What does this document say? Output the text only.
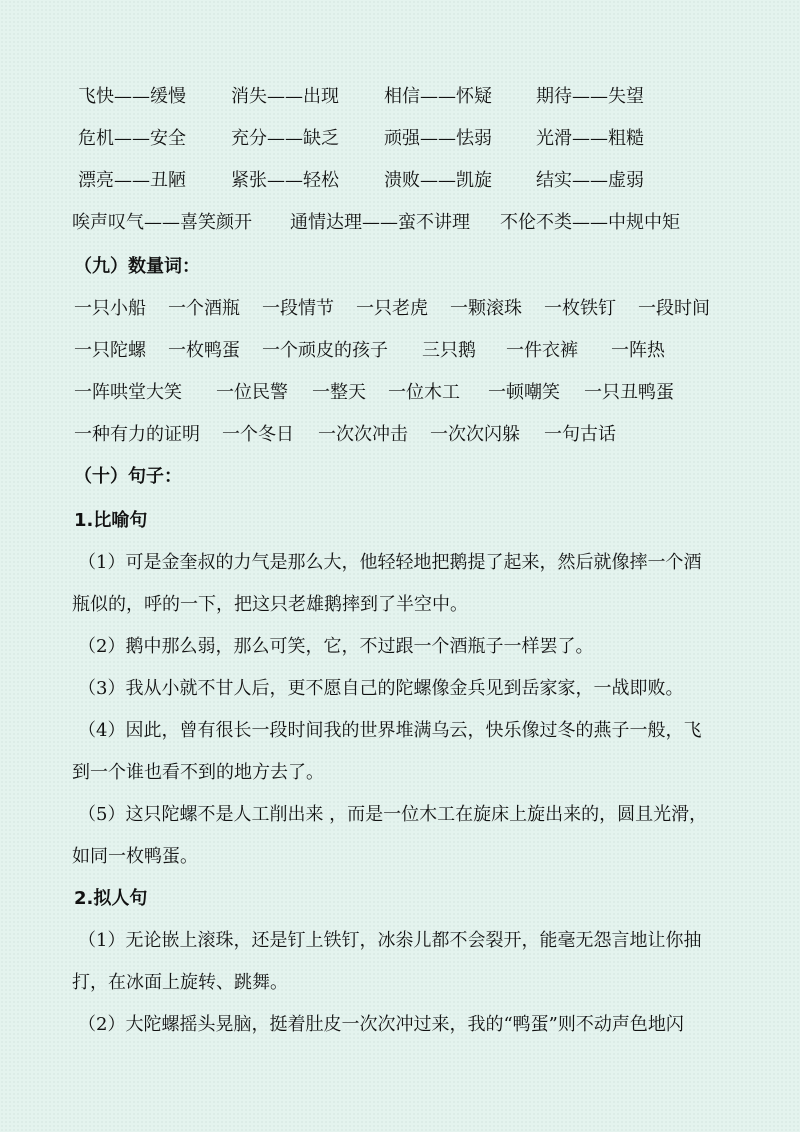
飞快——缓慢	消失——出现	相信——怀疑 期待——失望
危机——安全	充分——缺乏	顽强——怯弱 光滑——粗糙
漂亮——丑陋	紧张——轻松	溃败——凯旋 结实——虚弱
唉声叹气——喜笑颜开 通情达理——蛮不讲理 不伦不类——中规中矩
（九）数量词：
一只小船 一个酒瓶 一段情节 一只老虎 一颗滚珠 一枚铁钉 一段时间
一只陀螺 一枚鸭蛋 一个顽皮的孩子 三只鹅 一件衣裤 一阵热
一阵哄堂大笑 一位民警 一整天 一位木工 一顿嘲笑 一只丑鸭蛋
一种有力的证明 一个冬日 一次次冲击 一次次闪躲 一句古话
（十）句子：
1.比喻句
（1）可是金奎叔的力气是那么大，他轻轻地把鹅提了起来，然后就像摔一个酒
瓶似的，呼的一下，把这只老雄鹅摔到了半空中。
（2）鹅中那么弱，那么可笑，它，不过跟一个酒瓶子一样罢了。
（3）我从小就不甘人后，更不愿自己的陀螺像金兵见到岳家家，一战即败。
（4）因此，曾有很长一段时间我的世界堆满乌云，快乐像过冬的燕子一般，飞
到一个谁也看不到的地方去了。
（5）这只陀螺不是人工削出来 ，而是一位木工在旋床上旋出来的，圆且光滑，
如同一枚鸭蛋。
2.拟人句
（1）无论嵌上滚珠，还是钉上铁钉，冰尜儿都不会裂开，能毫无怨言地让你抽
打，在冰面上旋转、跳舞。
（2）大陀螺摇头晃脑，挺着肚皮一次次冲过来，我的“鸭蛋”则不动声色地闪
